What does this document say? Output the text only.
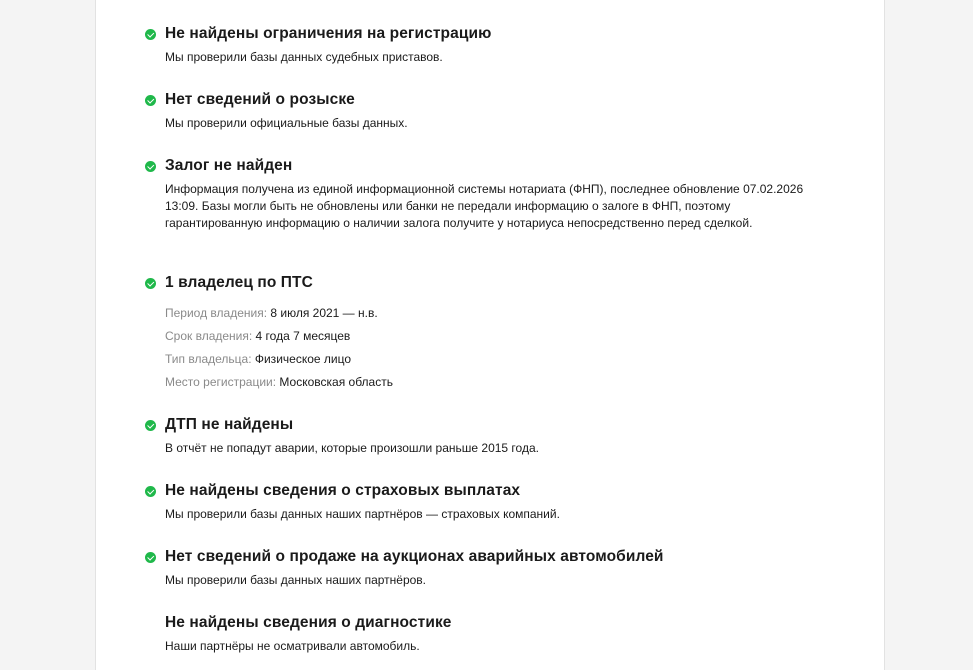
Не найдены ограничения на регистрацию
Мы проверили базы данных судебных приставов.
Нет сведений о розыске
Мы проверили официальные базы данных.
Залог не найден
Информация получена из единой информационной системы нотариата (ФНП), последнее обновление 07.02.2026 13:09. Базы могли быть не обновлены или банки не передали информацию о залоге в ФНП, поэтому гарантированную информацию о наличии залога получите у нотариуса непосредственно перед сделкой.
1 владелец по ПТС
Период владения: 8 июля 2021 — н.в.
Срок владения: 4 года 7 месяцев
Тип владельца: Физическое лицо
Место регистрации: Московская область
ДТП не найдены
В отчёт не попадут аварии, которые произошли раньше 2015 года.
Не найдены сведения о страховых выплатах
Мы проверили базы данных наших партнёров — страховых компаний.
Нет сведений о продаже на аукционах аварийных автомобилей
Мы проверили базы данных наших партнёров.
Не найдены сведения о диагностике
Наши партнёры не осматривали автомобиль.
